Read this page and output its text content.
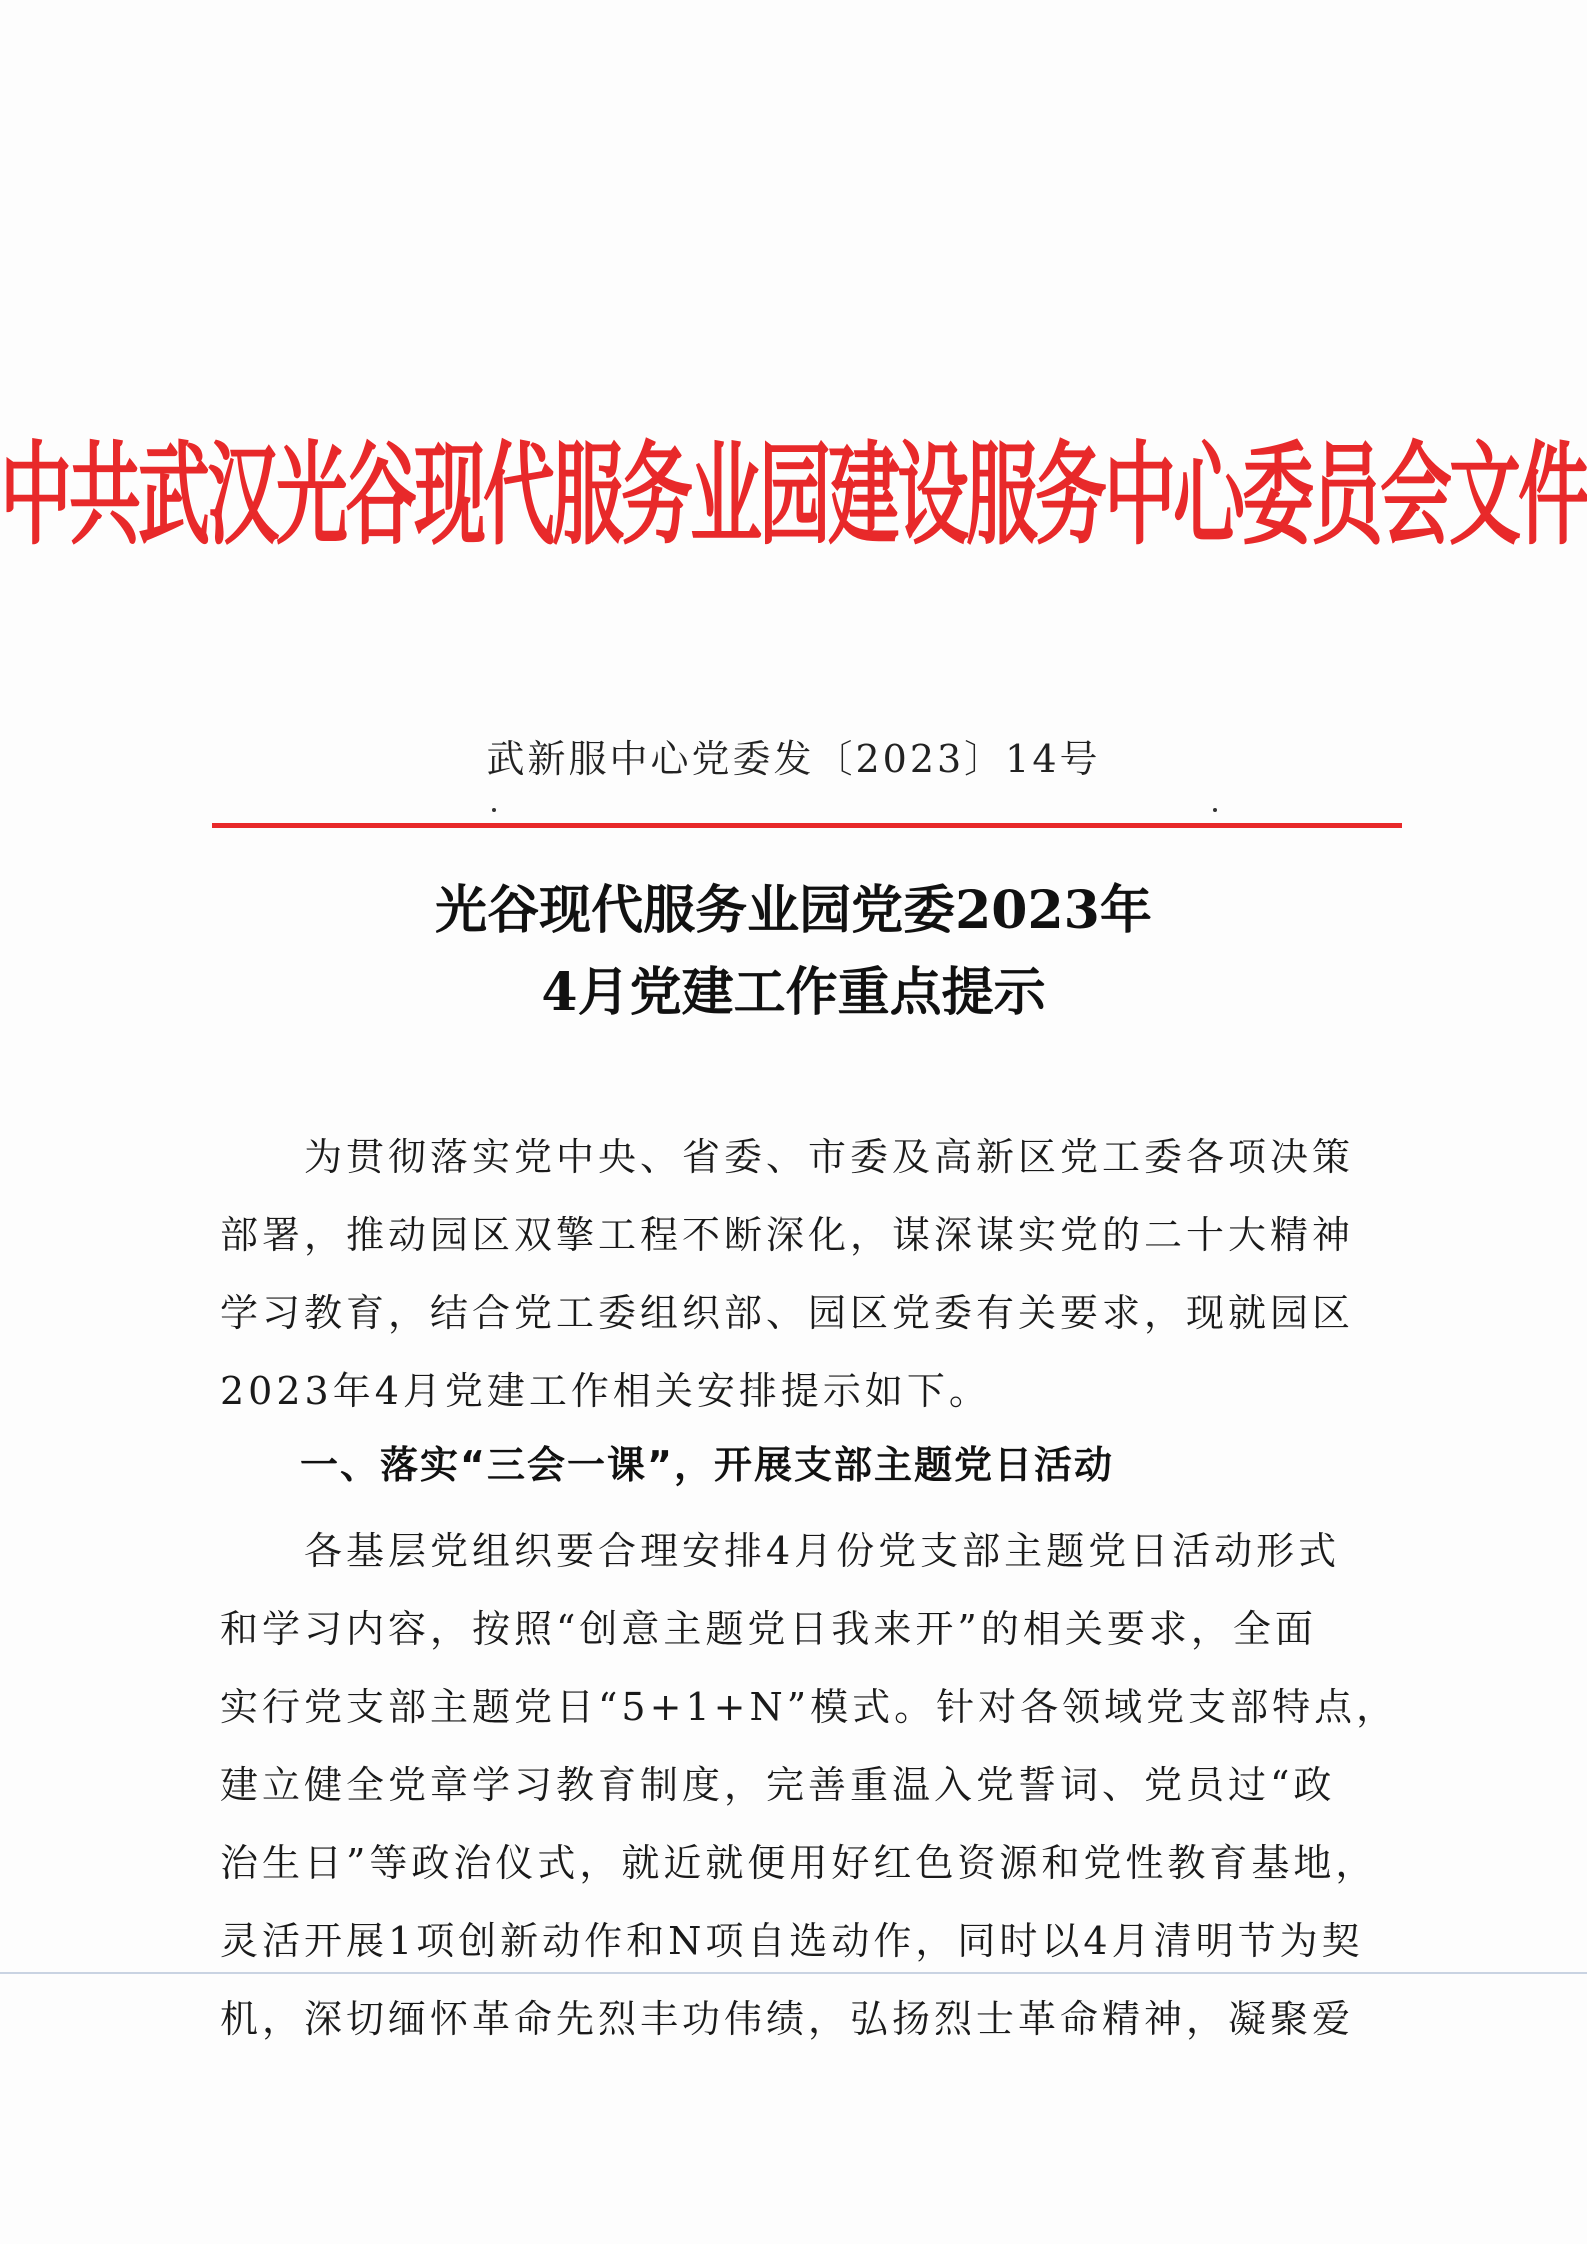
中共武汉光谷现代服务业园建设服务中心委员会文件
武新服中心党委发〔2023〕14号
光谷现代服务业园党委2023年
4月党建工作重点提示
　　为贯彻落实党中央、省委、市委及高新区党工委各项决策
部署，推动园区双擎工程不断深化，谋深谋实党的二十大精神
学习教育，结合党工委组织部、园区党委有关要求，现就园区
2023年4月党建工作相关安排提示如下。
一、落实“三会一课”，开展支部主题党日活动
　　各基层党组织要合理安排4月份党支部主题党日活动形式
和学习内容，按照“创意主题党日我来开”的相关要求，全面
实行党支部主题党日“5+1+N”模式。针对各领域党支部特点，
建立健全党章学习教育制度，完善重温入党誓词、党员过“政
治生日”等政治仪式，就近就便用好红色资源和党性教育基地，
灵活开展1项创新动作和N项自选动作，同时以4月清明节为契
机，深切缅怀革命先烈丰功伟绩，弘扬烈士革命精神，凝聚爱
